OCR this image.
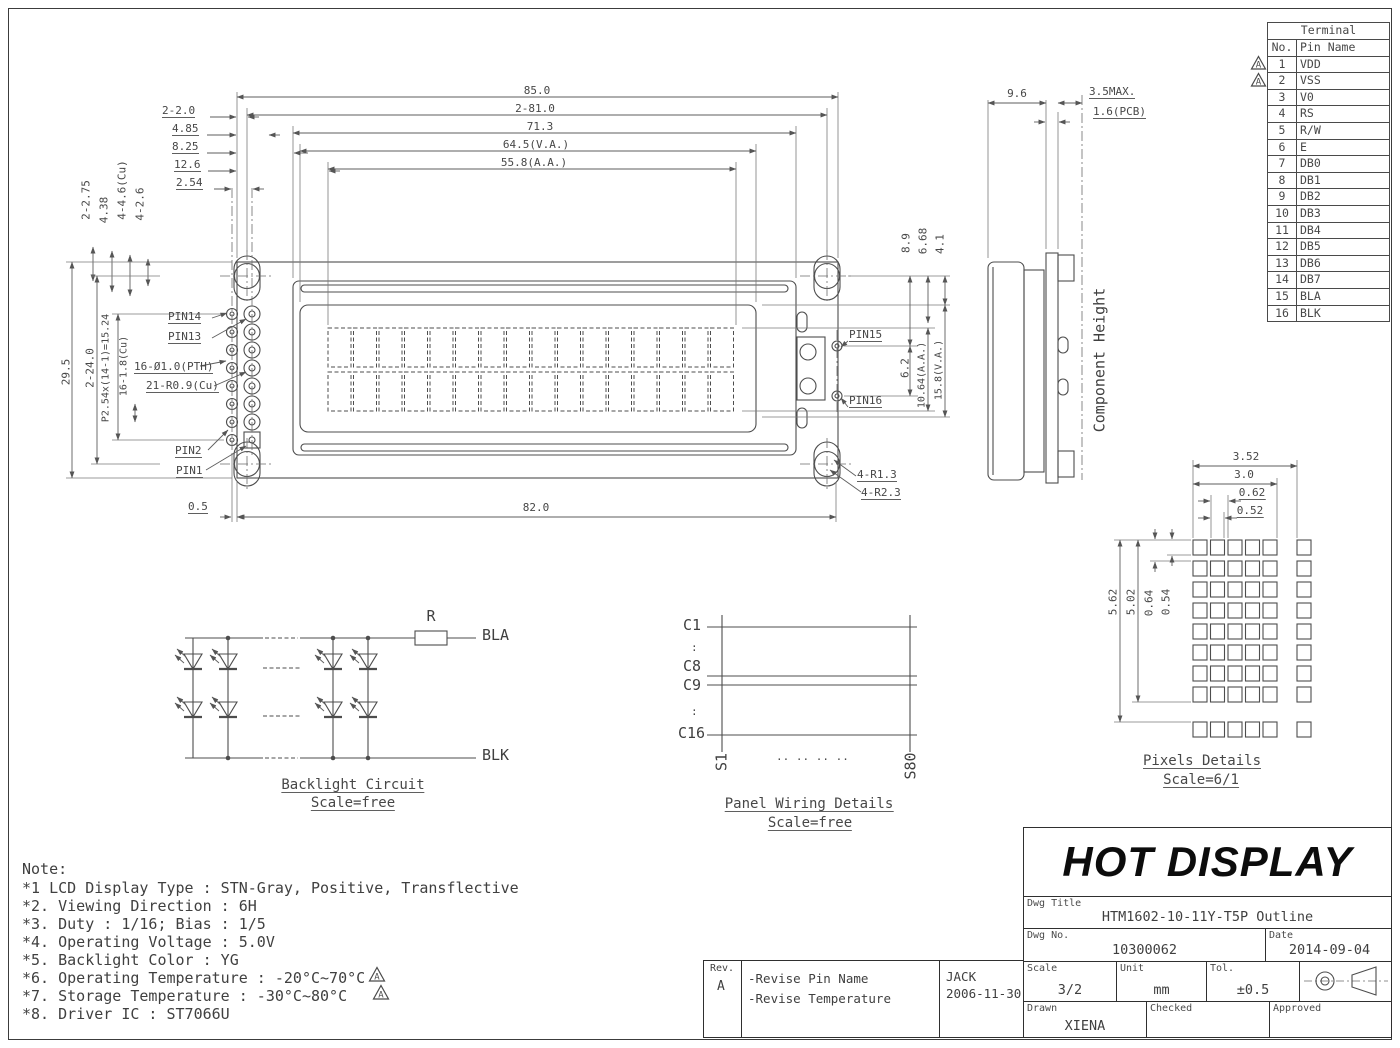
85.0
2-81.0
71.3
64.5(V.A.)
55.8(A.A.)
2-2.0
4.85
8.25
12.6
2.54
2-2.75 4.38 4-4.6(Cu) 4-2.6
29.5 2-24.0 P2.54x(14-1)=15.24 16-1.8(Cu) 16-Ø1.0(PTH)
21-R0.9(Cu)
PIN14
PIN13
PIN2
PIN1
PIN15
PIN16
4-R1.3
4-R2.3
8.9 6.68 4.1
6.2 10.64(A.A.) 15.8(V.A.)
0.5	82.0
9.6	3.5MAX.
1.6(PCB)
Component Height
3.52
3.0
0.62
0.52
5.62 5.02 0.64 0.54
Pixels Details
Scale=6/1
R
BLA
BLK
Backlight Circuit
Scale=free
C1
:
C8
C9
:
C16
S1	S80
.. .. .. ..
Panel Wiring Details
Scale=free
Note:
*1 LCD Display Type : STN-Gray, Positive, Transflective
*2. Viewing Direction : 6H
*3. Duty : 1/16; Bias : 1/5
*4. Operating Voltage : 5.0V
*5. Backlight Color : YG
*6. Operating Temperature : -20°C~70°C
*7. Storage Temperature : -30°C~80°C
*8. Driver IC : ST7066U
A
A
A
A
Terminal	
No.	Pin Name
1	VDD
2	VSS
3	V0
4	RS
5	R/W
6	E
7	DB0
8	DB1
9	DB2
10	DB3
11	DB4
12	DB5
13	DB6
14	DB7
15	BLA
16	BLK
HOT DISPLAY
Dwg Title
HTM1602-10-11Y-T5P Outline
Dwg No.
10300062
Date
2014-09-04
Scale
3/2
Unit
mm
Tol.
±0.5
Drawn
XIENA
Checked	Approved
Rev.
A
-Revise Pin Name
-Revise Temperature
JACK
2006-11-30
